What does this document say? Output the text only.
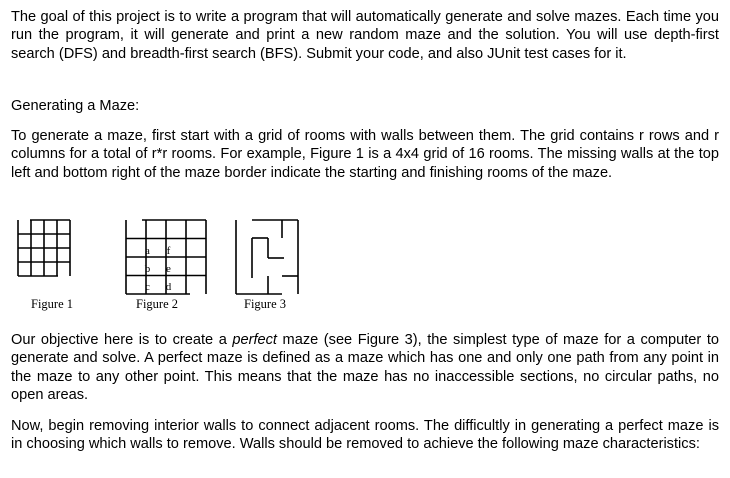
The goal of this project is to write a program that will automatically generate and solve mazes. Each time you run the program, it will generate and print a new random maze and the solution. You will use depth-first search (DFS) and breadth-first search (BFS). Submit your code, and also JUnit test cases for it.

Generating a Maze:

To generate a maze, first start with a grid of rooms with walls between them. The grid contains r rows and r columns for a total of r*r rooms. For example, Figure 1 is a 4x4 grid of 16 rooms. The missing walls at the top left and bottom right of the maze border indicate the starting and finishing rooms of the maze.

Figure 1
a	f
b e
c d
Figure 2	Figure 3

Our objective here is to create a perfect maze (see Figure 3), the simplest type of maze for a computer to generate and solve. A perfect maze is defined as a maze which has one and only one path from any point in the maze to any other point. This means that the maze has no inaccessible sections, no circular paths, no open areas.

Now, begin removing interior walls to connect adjacent rooms. The difficultly in generating a perfect maze is in choosing which walls to remove. Walls should be removed to achieve the following maze characteristics:
